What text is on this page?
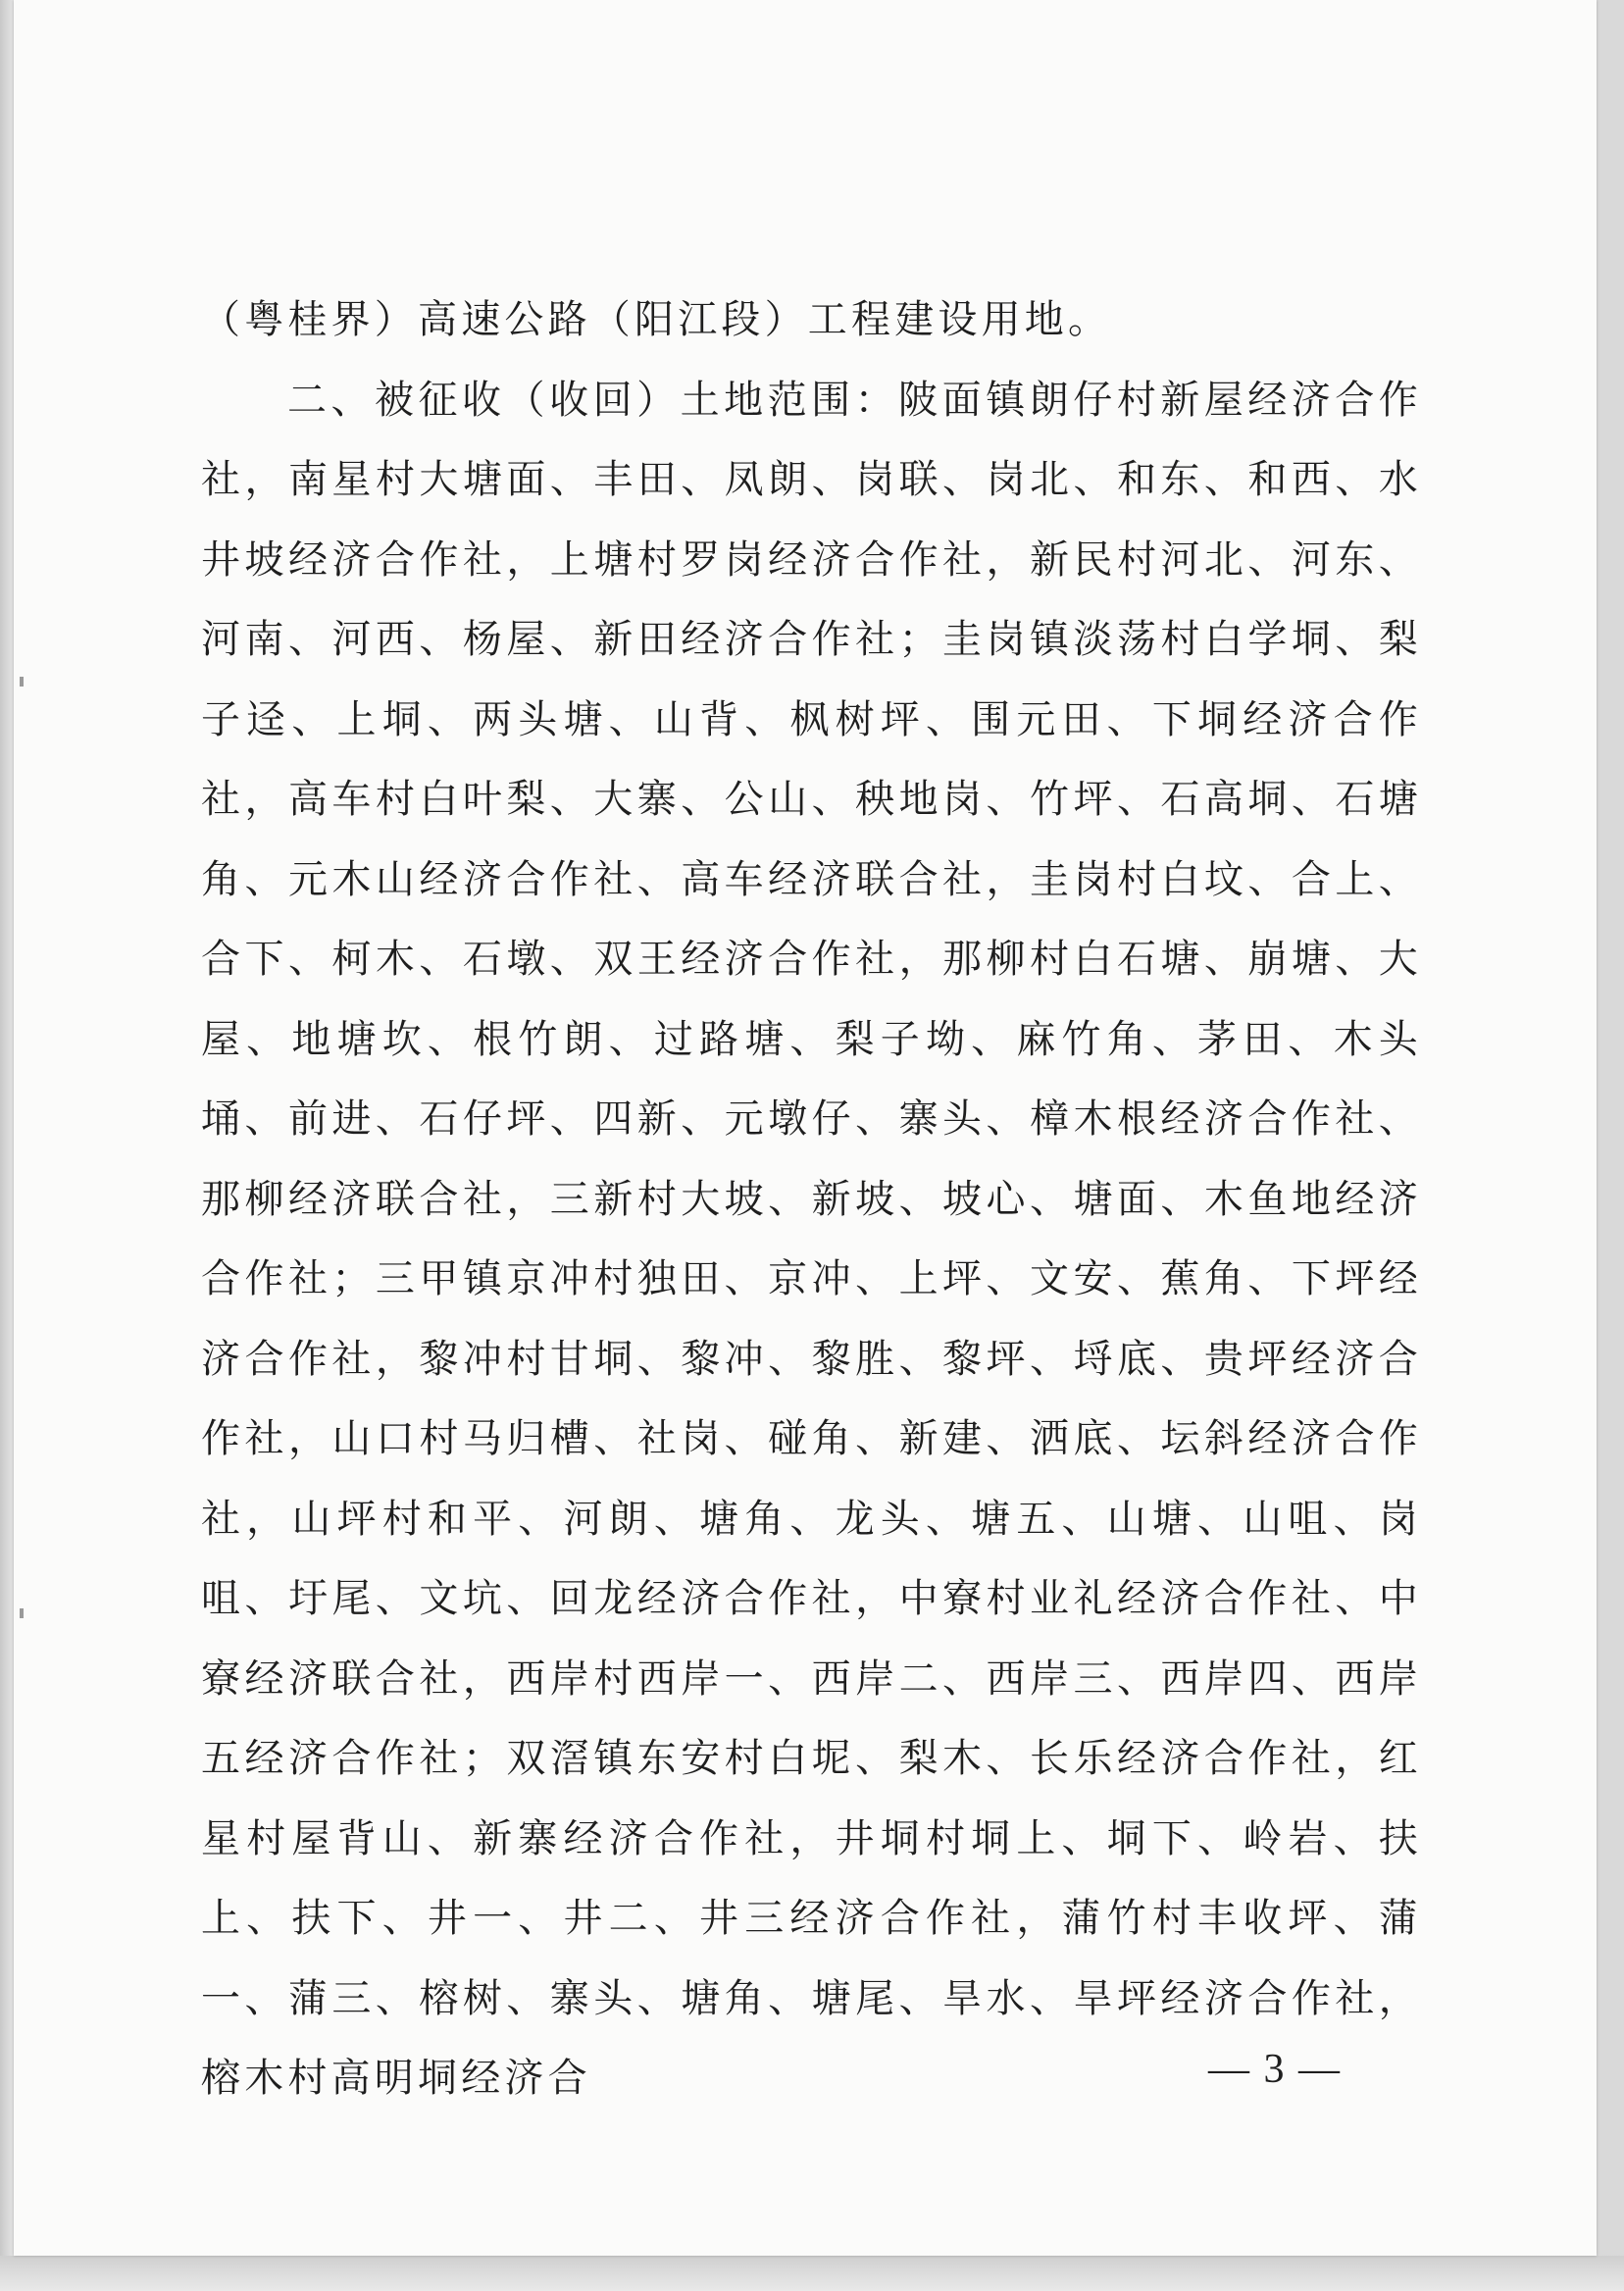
（粤桂界）高速公路（阳江段）工程建设用地。

二、被征收（收回）土地范围：陂面镇朗仔村新屋经济合作社，南星村大塘面、丰田、凤朗、岗联、岗北、和东、和西、水井坡经济合作社，上塘村罗岗经济合作社，新民村河北、河东、河南、河西、杨屋、新田经济合作社；圭岗镇淡荡村白学垌、梨子迳、上垌、两头塘、山背、枫树坪、围元田、下垌经济合作社，高车村白叶梨、大寨、公山、秧地岗、竹坪、石高垌、石塘角、元木山经济合作社、高车经济联合社，圭岗村白坟、合上、合下、柯木、石墩、双王经济合作社，那柳村白石塘、崩塘、大屋、地塘坎、根竹朗、过路塘、梨子坳、麻竹角、茅田、木头埇、前进、石仔坪、四新、元墩仔、寨头、樟木根经济合作社、那柳经济联合社，三新村大坡、新坡、坡心、塘面、木鱼地经济合作社；三甲镇京冲村独田、京冲、上坪、文安、蕉角、下坪经济合作社，黎冲村甘垌、黎冲、黎胜、黎坪、埒底、贵坪经济合作社，山口村马归槽、社岗、碰角、新建、洒底、坛斜经济合作社，山坪村和平、河朗、塘角、龙头、塘五、山塘、山咀、岗咀、圩尾、文坑、回龙经济合作社，中寮村业礼经济合作社、中寮经济联合社，西岸村西岸一、西岸二、西岸三、西岸四、西岸五经济合作社；双滘镇东安村白坭、梨木、长乐经济合作社，红星村屋背山、新寨经济合作社，井垌村垌上、垌下、岭岩、扶上、扶下、井一、井二、井三经济合作社，蒲竹村丰收坪、蒲一、蒲三、榕树、寨头、塘角、塘尾、旱水、旱坪经济合作社，榕木村高明垌经济合	— 3 —
